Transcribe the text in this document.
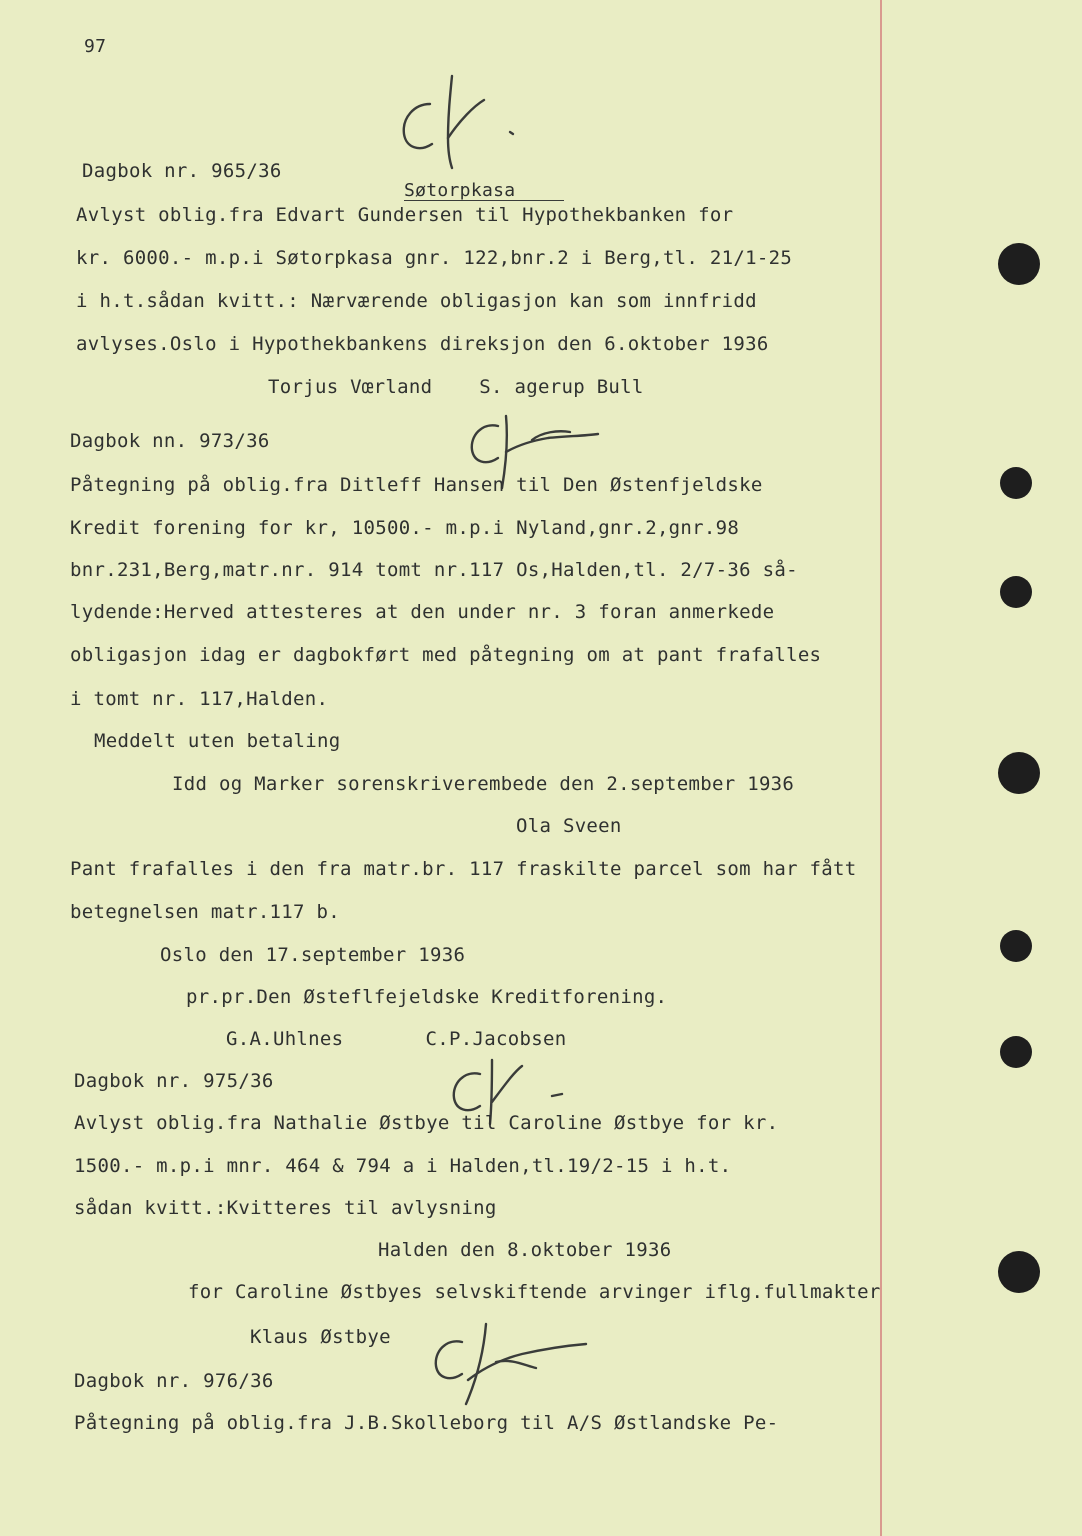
97
Søtorpkasa
Dagbok nr. 965/36
Avlyst oblig.fra Edvart Gundersen til Hypothekbanken for
kr. 6000.- m.p.i Søtorpkasa gnr. 122,bnr.2 i Berg,tl. 21/1-25
i h.t.sådan kvitt.: Nærværende obligasjon kan som innfridd
avlyses.Oslo i Hypothekbankens direksjon den 6.oktober 1936
Torjus Vœrland    S. agerup Bull
Dagbok nn. 973/36
Påtegning på oblig.fra Ditleff Hansen til Den Østenfjeldske
Kredit forening for kr, 10500.- m.p.i Nyland,gnr.2,gnr.98
bnr.231,Berg,matr.nr. 914 tomt nr.117 Os,Halden,tl. 2/7-36 så-
lydende:Herved attesteres at den under nr. 3 foran anmerkede
obligasjon idag er dagbokført med påtegning om at pant frafalles
i tomt nr. 117,Halden.
Meddelt uten betaling
Idd og Marker sorenskriverembede den 2.september 1936
Ola Sveen
Pant frafalles i den fra matr.br. 117 fraskilte parcel som har fått
betegnelsen matr.117 b.
Oslo den 17.september 1936
pr.pr.Den Østeflfejeldske Kreditforening.
G.A.Uhlnes       C.P.Jacobsen
Dagbok nr. 975/36
Avlyst oblig.fra Nathalie Østbye til Caroline Østbye for kr.
1500.- m.p.i mnr. 464 & 794 a i Halden,tl.19/2-15 i h.t.
sådan kvitt.:Kvitteres til avlysning
Halden den 8.oktober 1936
for Caroline Østbyes selvskiftende arvinger iflg.fullmakter
Klaus Østbye
Dagbok nr. 976/36
Påtegning på oblig.fra J.B.Skolleborg til A/S Østlandske Pe-
